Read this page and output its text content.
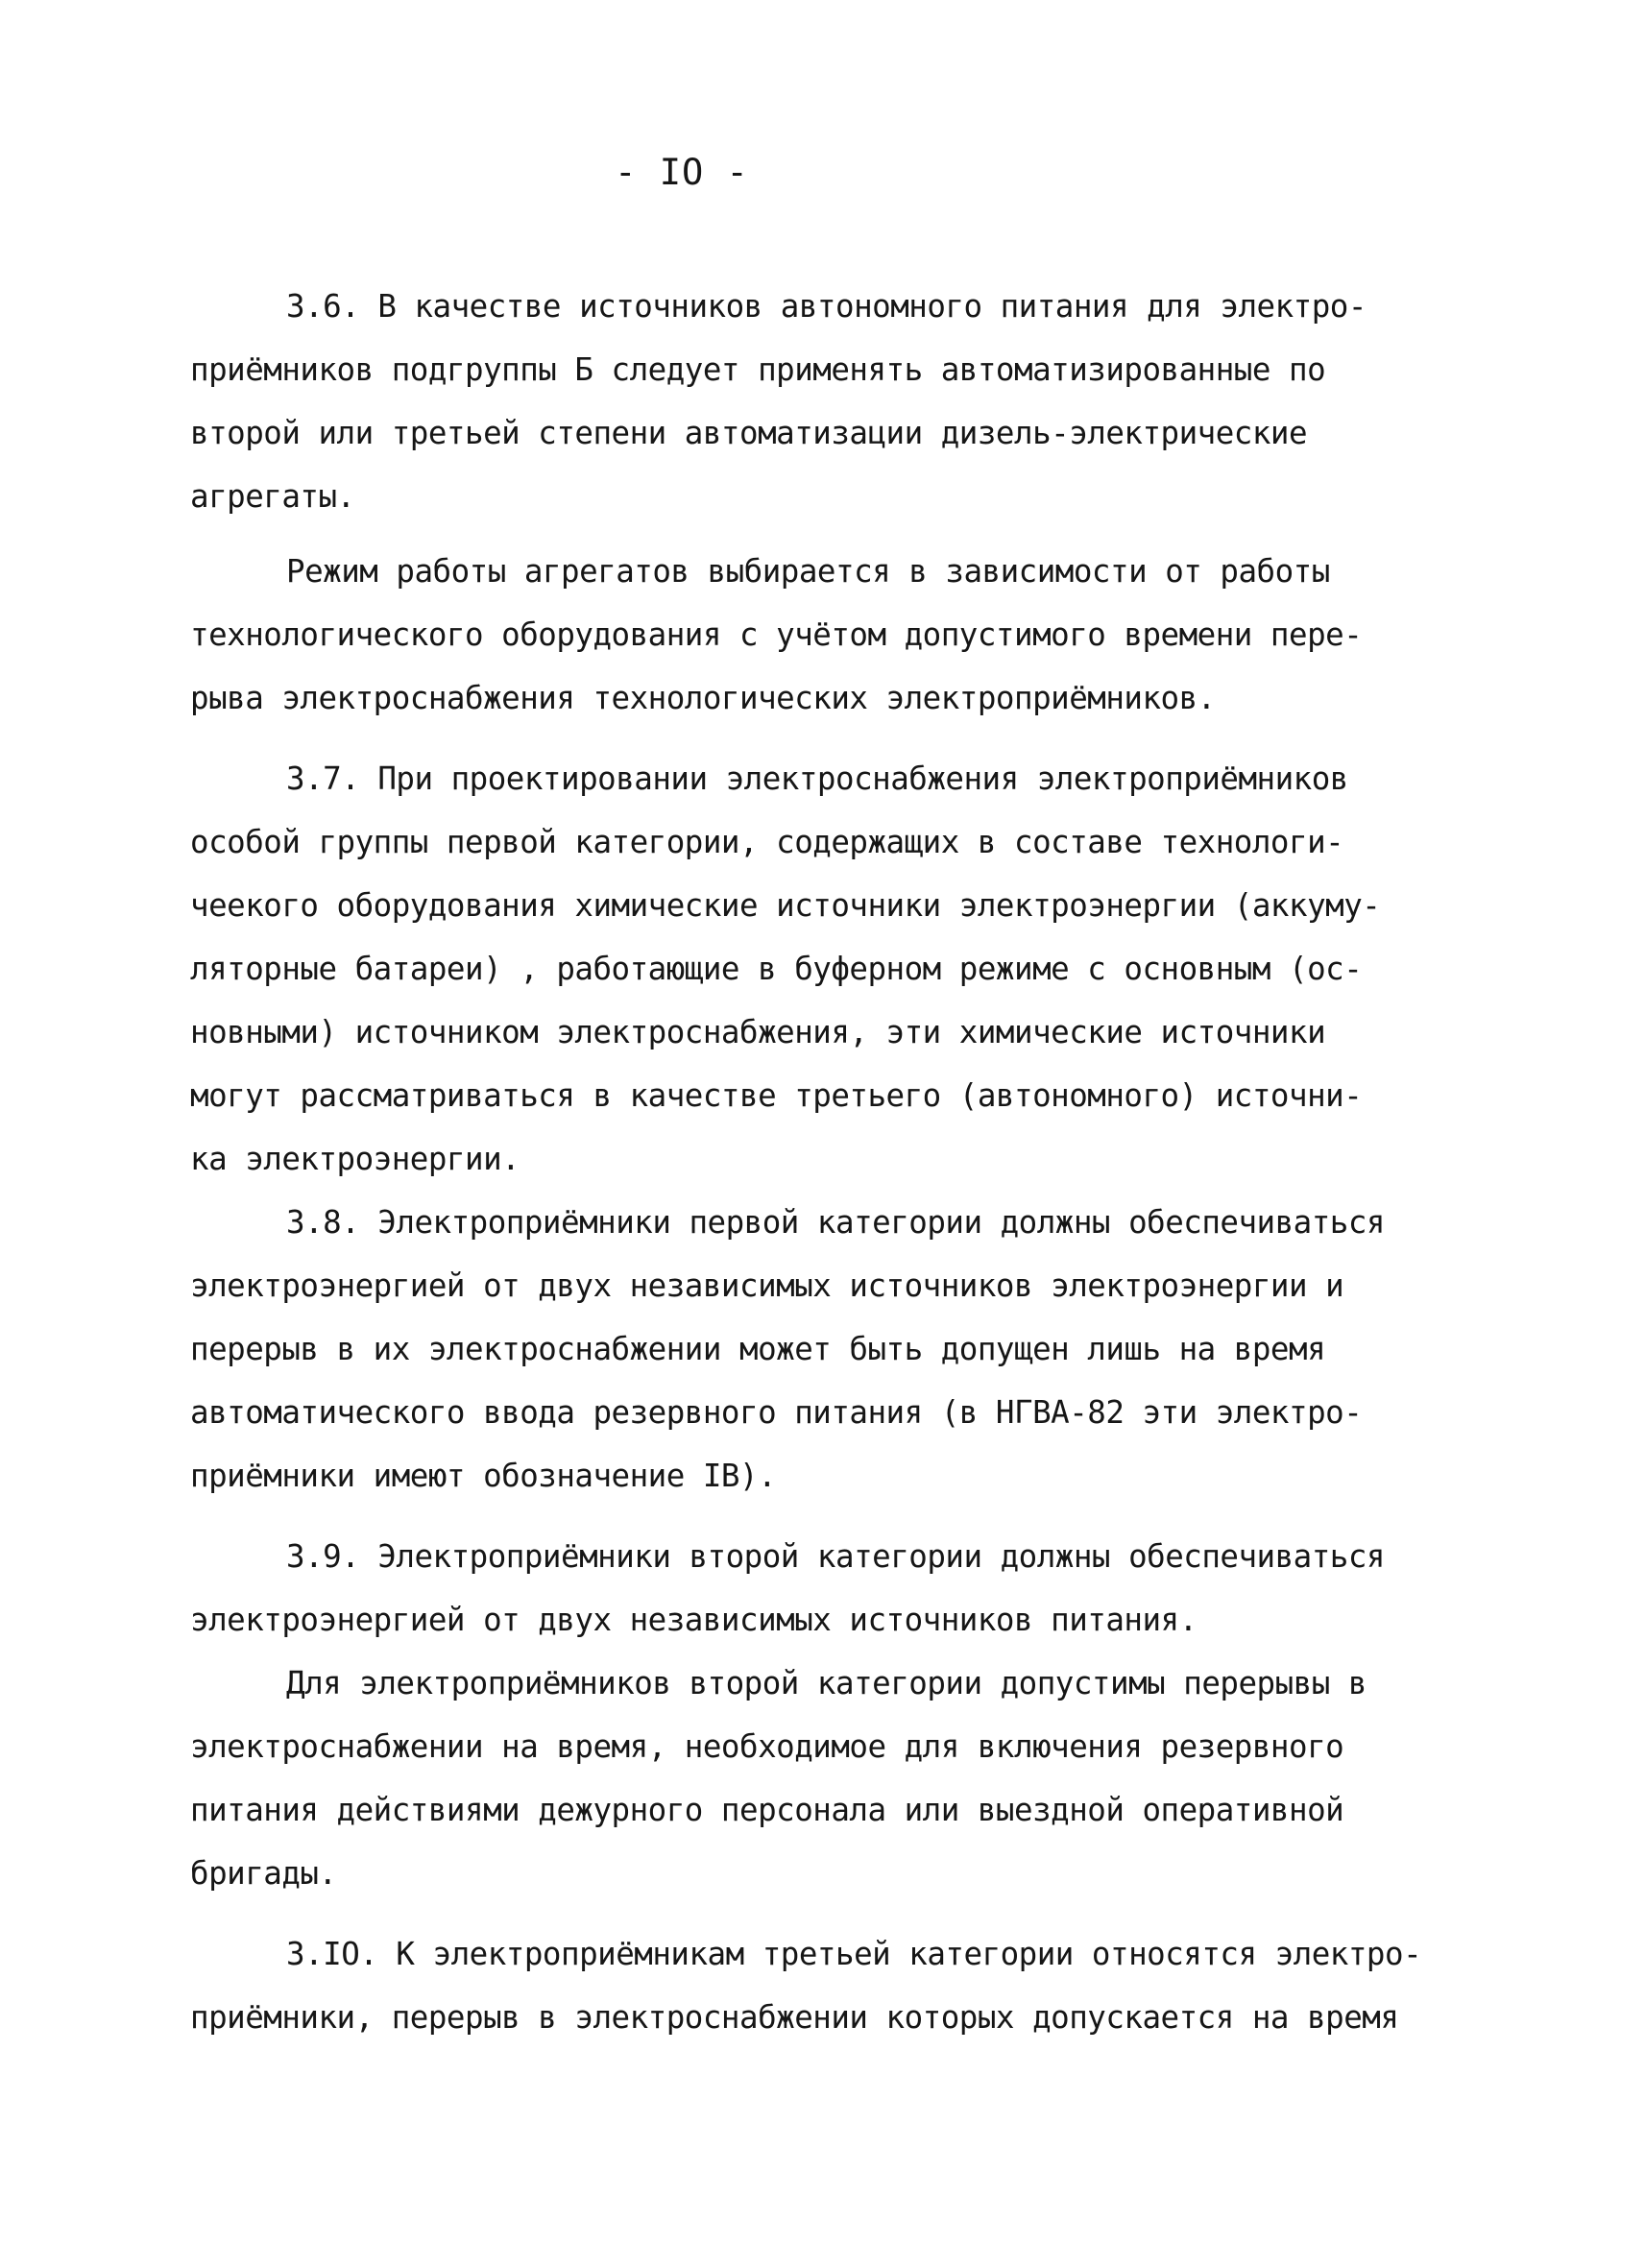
- IO -
3.6. В качестве источников автономного питания для электро-
приёмников подгруппы Б следует применять автоматизированные по
второй или третьей степени автоматизации дизель-электрические
агрегаты.
Режим работы агрегатов выбирается в зависимости от работы
технологического оборудования с учётом допустимого времени пере-
рыва электроснабжения технологических электроприёмников.
3.7. При проектировании электроснабжения электроприёмников
особой группы первой категории, содержащих в составе технологи-
чеекого оборудования химические источники электроэнергии (аккуму-
ляторные батареи) , работающие в буферном режиме с основным (ос-
новными) источником электроснабжения, эти химические источники
могут рассматриваться в качестве третьего (автономного) источни-
ка электроэнергии.
3.8. Электроприёмники первой категории должны обеспечиваться
электроэнергией от двух независимых источников электроэнергии и
перерыв в их электроснабжении может быть допущен лишь на время
автоматического ввода резервного питания (в НГВА-82 эти электро-
приёмники имеют обозначение IВ).
3.9. Электроприёмники второй категории должны обеспечиваться
электроэнергией от двух независимых источников питания.
Для электроприёмников второй категории допустимы перерывы в
электроснабжении на время, необходимое для включения резервного
питания действиями дежурного персонала или выездной оперативной
бригады.
3.IO. К электроприёмникам третьей категории относятся электро-
приёмники, перерыв в электроснабжении которых допускается на время
